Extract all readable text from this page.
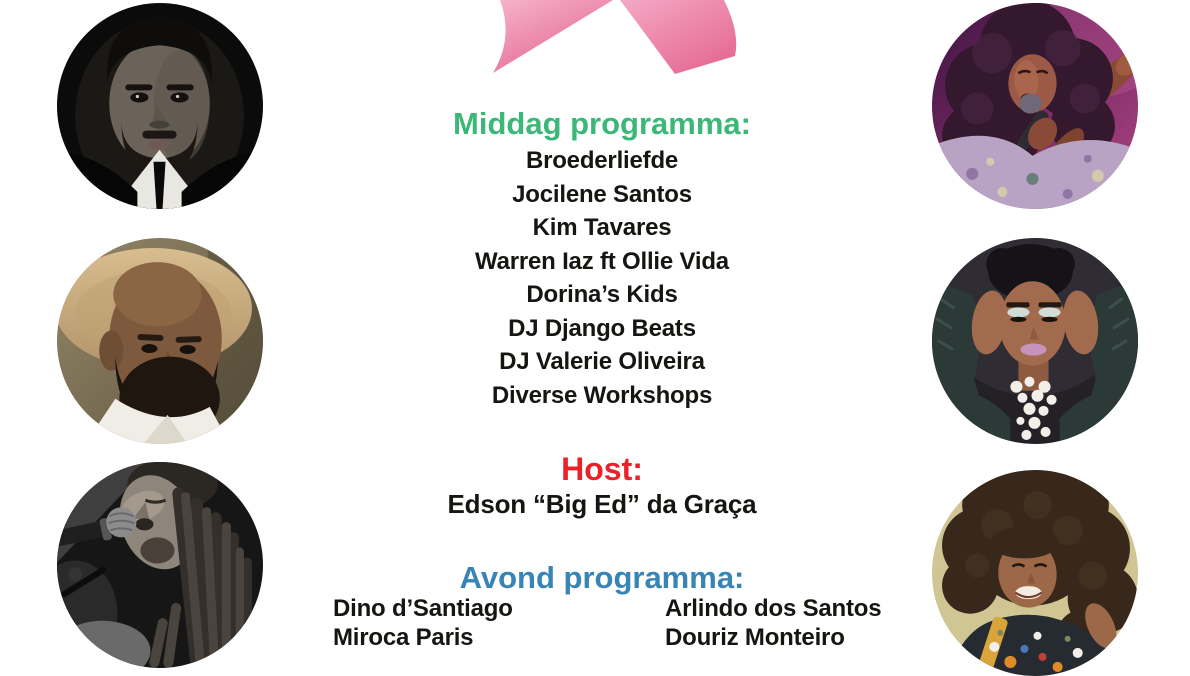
Middag programma:
Broederliefde
Jocilene Santos
Kim Tavares
Warren Iaz ft Ollie Vida
Dorina’s Kids
DJ Django Beats
DJ Valerie Oliveira
Diverse Workshops
Host:
Edson “Big Ed” da Graça
Avond programma:
Dino d’Santiago
Miroca Paris
Arlindo dos Santos
Douriz Monteiro
